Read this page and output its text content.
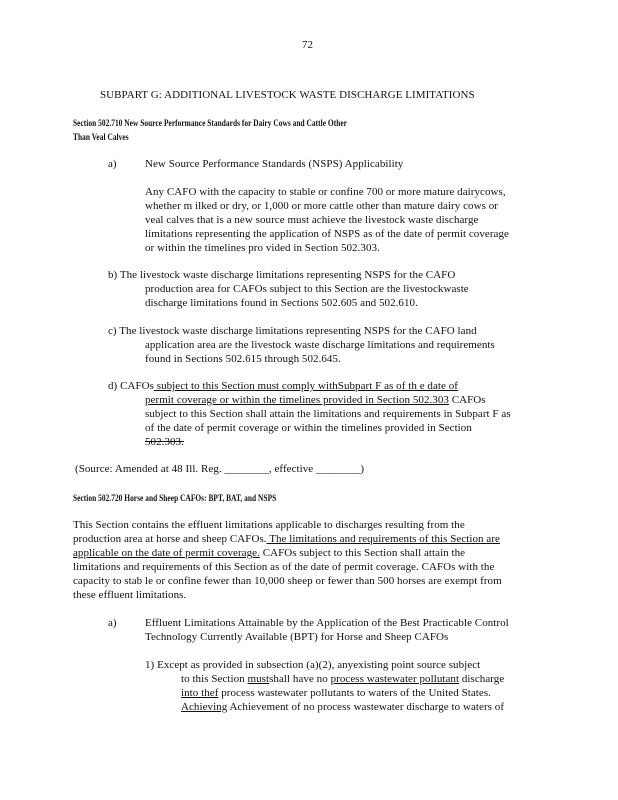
72
SUBPART G: ADDITIONAL LIVESTOCK WASTE DISCHARGE LIMITATIONS
Section 502.710 New Source Performance Standards for Dairy Cows and Cattle Other
Than Veal Calves
a)	New Source Performance Standards (NSPS) Applicability
Any CAFO with the capacity to stable or confine 700 or more mature dairycows,
whether m ilked or dry, or 1,000 or more cattle other than mature dairy cows or
veal calves that is a new source must achieve the livestock waste discharge
limitations representing the application of NSPS as of the date of permit coverage
or within the timelines pro vided in Section 502.303.
b) The livestock waste discharge limitations representing NSPS for the CAFO
production area for CAFOs subject to this Section are the livestockwaste
discharge limitations found in Sections 502.605 and 502.610.
c) The livestock waste discharge limitations representing NSPS for the CAFO land
application area are the livestock waste discharge limitations and requirements
found in Sections 502.615 through 502.645.
d) CAFOs subject to this Section must comply withSubpart F as of th e date of
permit coverage or within the timelines provided in Section 502.303 CAFOs
subject to this Section shall attain the limitations and requirements in Subpart F as
of the date of permit coverage or within the timelines provided in Section
502.303.
(Source: Amended at 48 Ill. Reg. ________, effective ________)
Section 502.720 Horse and Sheep CAFOs: BPT, BAT, and NSPS
This Section contains the effluent limitations applicable to discharges resulting from the
production area at horse and sheep CAFOs. The limitations and requirements of this Section are
applicable on the date of permit coverage. CAFOs subject to this Section shall attain the
limitations and requirements of this Section as of the date of permit coverage. CAFOs with the
capacity to stab le or confine fewer than 10,000 sheep or fewer than 500 horses are exempt from
these effluent limitations.
a)	Effluent Limitations Attainable by the Application of the Best Practicable Control
Technology Currently Available (BPT) for Horse and Sheep CAFOs
1) Except as provided in subsection (a)(2), anyexisting point source subject
to this Section mustshall have no process wastewater pollutant discharge
into thef process wastewater pollutants to waters of the United States.
Achieving Achievement of no process wastewater discharge to waters of
